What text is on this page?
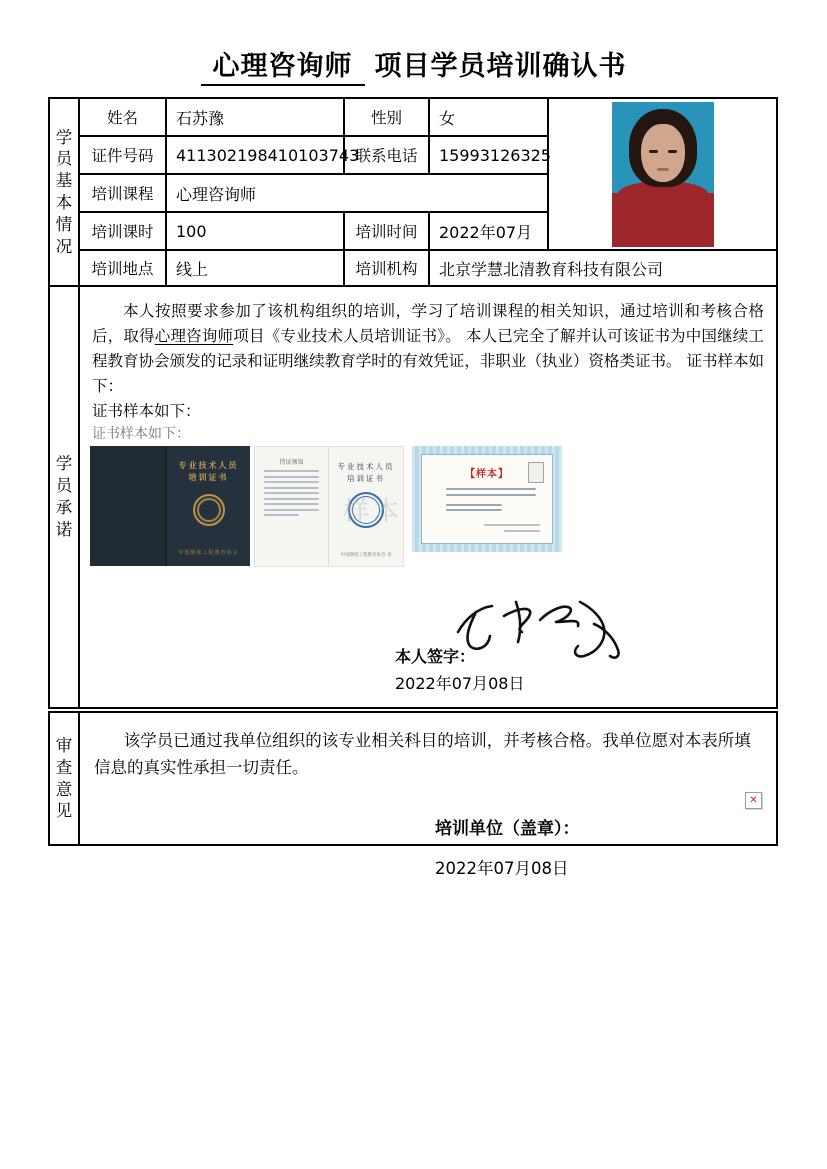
心理咨询师 项目学员培训确认书
学员基本情况	姓名	石苏豫	性别	女	

	证件号码	411302198410103743	联系电话	15993126325	
	培训课程	心理咨询师			
	培训课时	100	培训时间	2022年07月	
	培训地点	线上	培训机构	北京学慧北清教育科技有限公司	

学员承诺

本人按照要求参加了该机构组织的培训，学习了培训课程的相关知识，通过培训和考核合格后，取得心理咨询师项目《专业技术人员培训证书》。 本人已完全了解并认可该证书为中国继续工程教育协会颁发的记录和证明继续教育学时的有效凭证，非职业（执业）资格类证书。 证书样本如下：
证书样本如下：
证书样本如下：
专业技术人员
培训证书
中国继续工程教育协会
持证须知	专业技术人员
培训证书
中国继续工程教育协会 章
样本
【样本】
本人签字：
2022年07月08日
审查意见

该学员已通过我单位组织的该专业相关科目的培训，并考核合格。我单位愿对本表所填信息的真实性承担一切责任。
✕
培训单位（盖章）：
2022年07月08日
